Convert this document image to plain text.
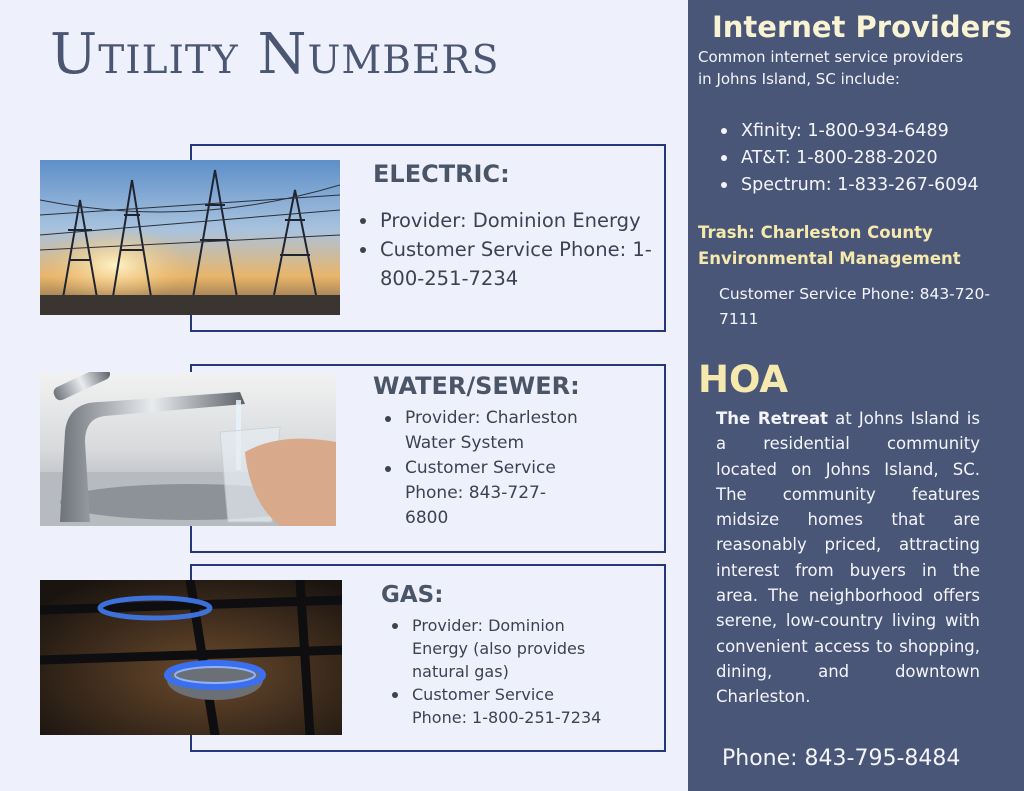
Utility Numbers
ELECTRIC:
Provider: Dominion Energy
Customer Service Phone: 1-800-251-7234
WATER/SEWER:
Provider: Charleston Water System
Customer Service Phone: 843-727-6800
GAS:
Provider: Dominion Energy (also provides natural gas)
Customer Service Phone: 1-800-251-7234
Internet Providers

Common internet service providers in Johns Island, SC include:

Xfinity: 1-800-934-6489
AT&T: 1-800-288-2020
Spectrum: 1-833-267-6094

Trash: Charleston County Environmental Management

Customer Service Phone: 843-720-7111

HOA

The Retreat at Johns Island is a residential community located on Johns Island, SC. The community features midsize homes that are reasonably priced, attracting interest from buyers in the area. The neighborhood offers serene, low-country living with convenient access to shopping, dining, and downtown Charleston.

Phone: 843-795-8484
